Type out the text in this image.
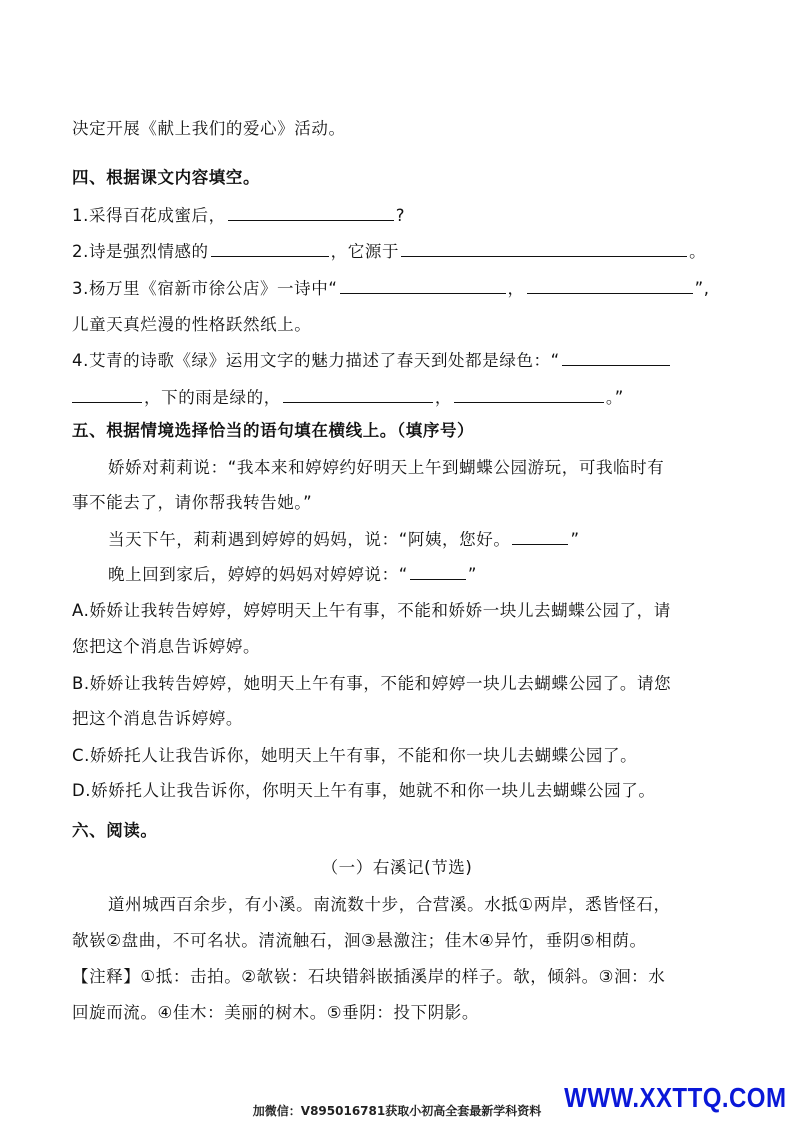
决定开展《献上我们的爱心》活动。
四、根据课文内容填空。
1.采得百花成蜜后，	?
2.诗是强烈情感的	，它源于	。
3.杨万里《宿新市徐公店》一诗中“	，	”,
儿童天真烂漫的性格跃然纸上。
4.艾青的诗歌《绿》运用文字的魅力描述了春天到处都是绿色：“
，下的雨是绿的，	，	。”
五、根据情境选择恰当的语句填在横线上。（填序号）
娇娇对莉莉说：“我本来和婷婷约好明天上午到蝴蝶公园游玩，可我临时有
事不能去了，请你帮我转告她。”
当天下午，莉莉遇到婷婷的妈妈，说：“阿姨，您好。	”
晚上回到家后，婷婷的妈妈对婷婷说：“	”
A.娇娇让我转告婷婷，婷婷明天上午有事，不能和娇娇一块儿去蝴蝶公园了，请
您把这个消息告诉婷婷。
B.娇娇让我转告婷婷，她明天上午有事，不能和婷婷一块儿去蝴蝶公园了。请您
把这个消息告诉婷婷。
C.娇娇托人让我告诉你，她明天上午有事，不能和你一块儿去蝴蝶公园了。
D.娇娇托人让我告诉你，你明天上午有事，她就不和你一块儿去蝴蝶公园了。
六、阅读。
（一）右溪记(节选)
道州城西百余步，有小溪。南流数十步，合营溪。水抵①两岸，悉皆怪石，
欹嵚②盘曲，不可名状。清流触石，洄③悬激注；佳木④异竹，垂阴⑤相荫。
【注释】①抵：击拍。②欹嵚：石块错斜嵌插溪岸的样子。欹，倾斜。③洄：水
回旋而流。④佳木：美丽的树木。⑤垂阴：投下阴影。
加微信：V895016781获取小初高全套最新学科资料 WWW.XXTTQ.COM
